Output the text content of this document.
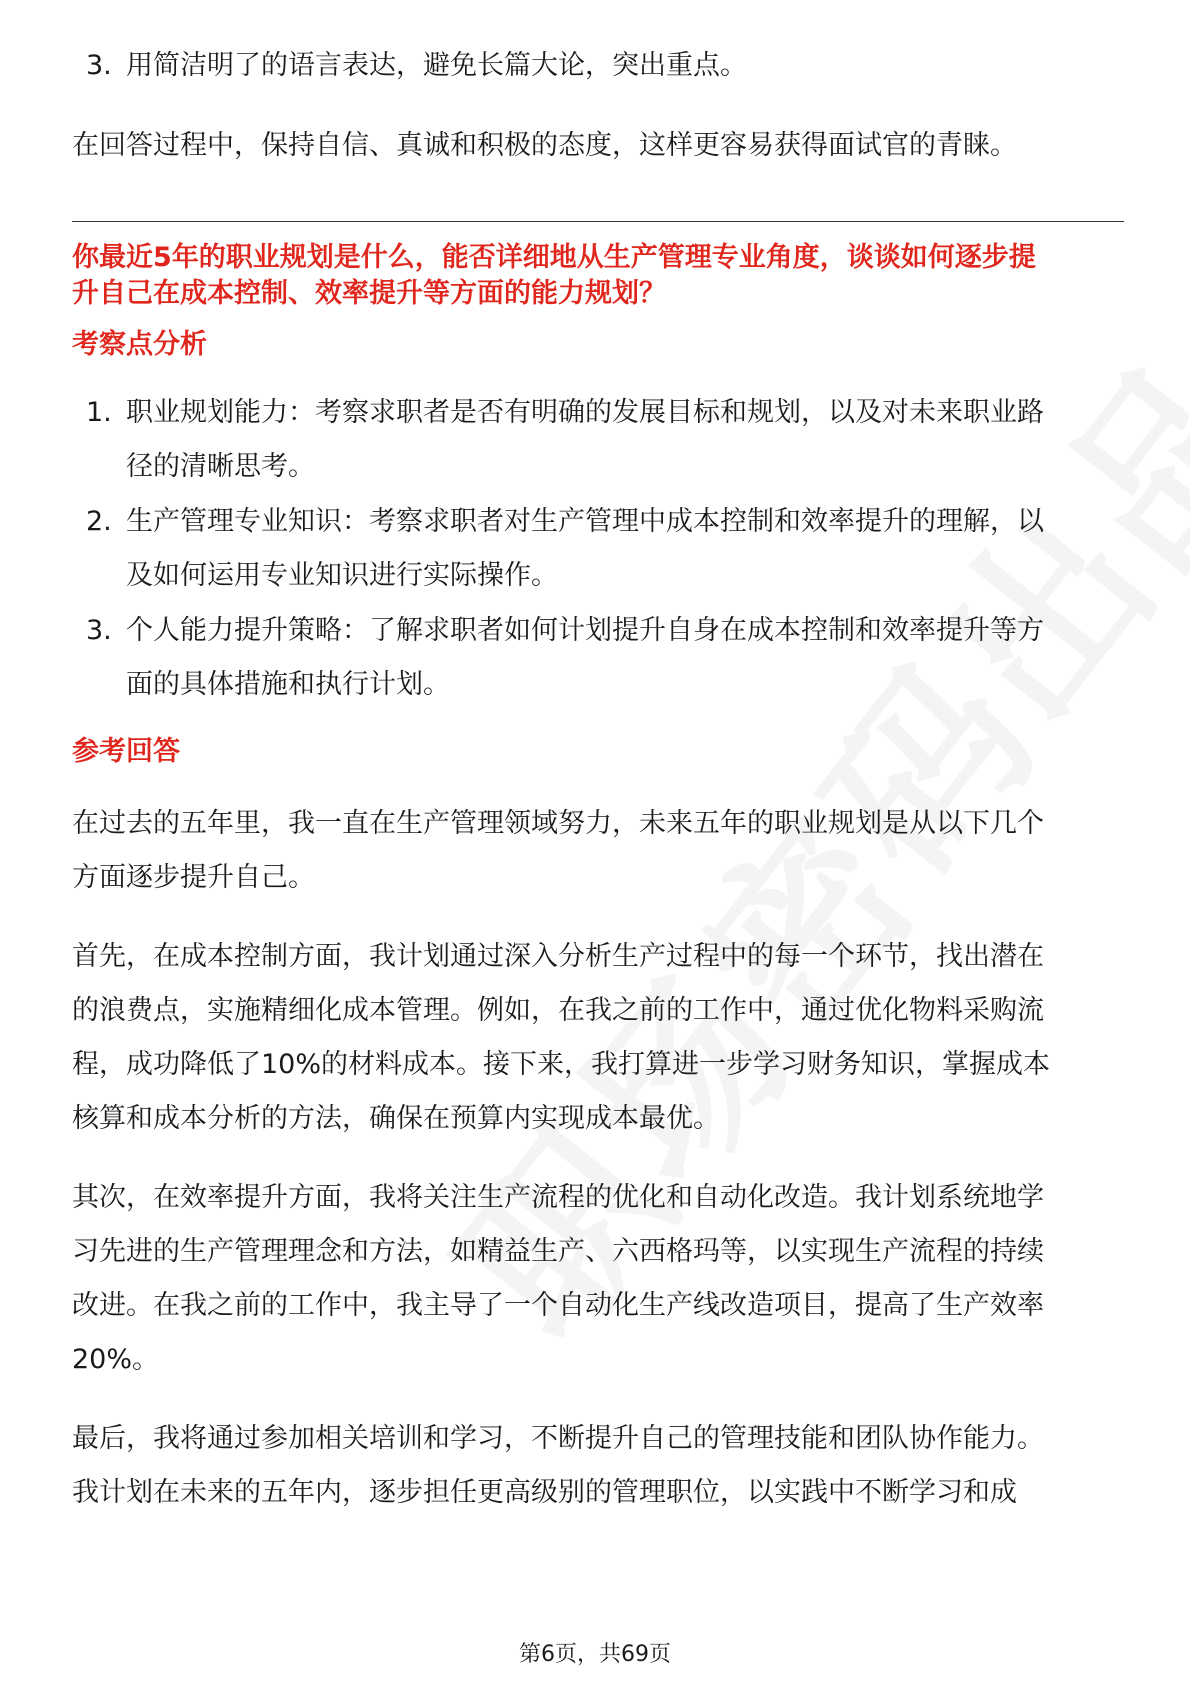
3. 用简洁明了的语言表达，避免长篇大论，突出重点。
在回答过程中，保持自信、真诚和积极的态度，这样更容易获得面试官的青睐。
你最近5年的职业规划是什么，能否详细地从生产管理专业角度，谈谈如何逐步提
升自己在成本控制、效率提升等方面的能力规划？
考察点分析
1. 职业规划能力：考察求职者是否有明确的发展目标和规划，以及对未来职业路
径的清晰思考。
2. 生产管理专业知识：考察求职者对生产管理中成本控制和效率提升的理解，以
及如何运用专业知识进行实际操作。
3. 个人能力提升策略：了解求职者如何计划提升自身在成本控制和效率提升等方
面的具体措施和执行计划。
参考回答
在过去的五年里，我一直在生产管理领域努力，未来五年的职业规划是从以下几个
方面逐步提升自己。
首先，在成本控制方面，我计划通过深入分析生产过程中的每一个环节，找出潜在
的浪费点，实施精细化成本管理。例如，在我之前的工作中，通过优化物料采购流
程，成功降低了10%的材料成本。接下来，我打算进一步学习财务知识，掌握成本
核算和成本分析的方法，确保在预算内实现成本最优。
其次，在效率提升方面，我将关注生产流程的优化和自动化改造。我计划系统地学
习先进的生产管理理念和方法，如精益生产、六西格玛等，以实现生产流程的持续
改进。在我之前的工作中，我主导了一个自动化生产线改造项目，提高了生产效率
20%。
最后，我将通过参加相关培训和学习，不断提升自己的管理技能和团队协作能力。
我计划在未来的五年内，逐步担任更高级别的管理职位，以实践中不断学习和成
第6页，共69页
